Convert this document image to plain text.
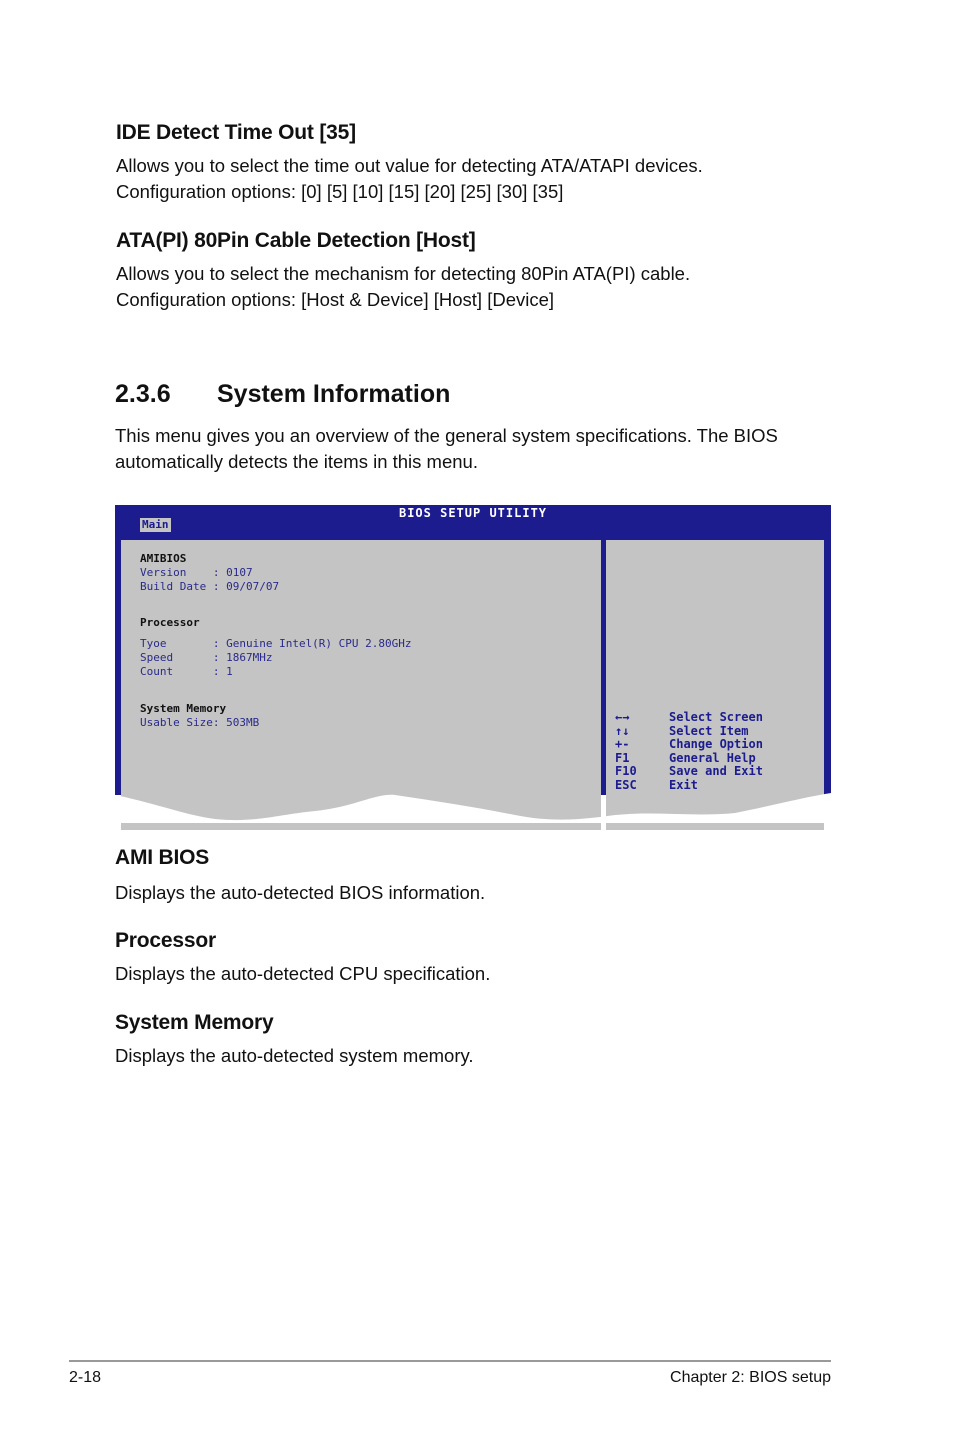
IDE Detect Time Out [35]
Allows you to select the time out value for detecting ATA/ATAPI devices.
Configuration options: [0] [5] [10] [15] [20] [25] [30] [35]
ATA(PI) 80Pin Cable Detection [Host]
Allows you to select the mechanism for detecting 80Pin ATA(PI) cable.
Configuration options: [Host & Device] [Host] [Device]
2.3.6 System Information
This menu gives you an overview of the general system specifications. The BIOS
automatically detects the items in this menu.
BIOS SETUP UTILITY
Main
AMIBIOS
Version    : 0107
Build Date : 09/07/07
Processor
Tyoe       : Genuine Intel(R) CPU 2.80GHz
Speed      : 1867MHz
Count      : 1
System Memory
Usable Size: 503MB	←→
↑↓
+-
F1
F10
ESC
Select Screen
Select Item
Change Option
General Help
Save and Exit
Exit
AMI BIOS
Displays the auto-detected BIOS information.
Processor
Displays the auto-detected CPU specification.
System Memory
Displays the auto-detected system memory.
2-18	Chapter 2: BIOS setup
